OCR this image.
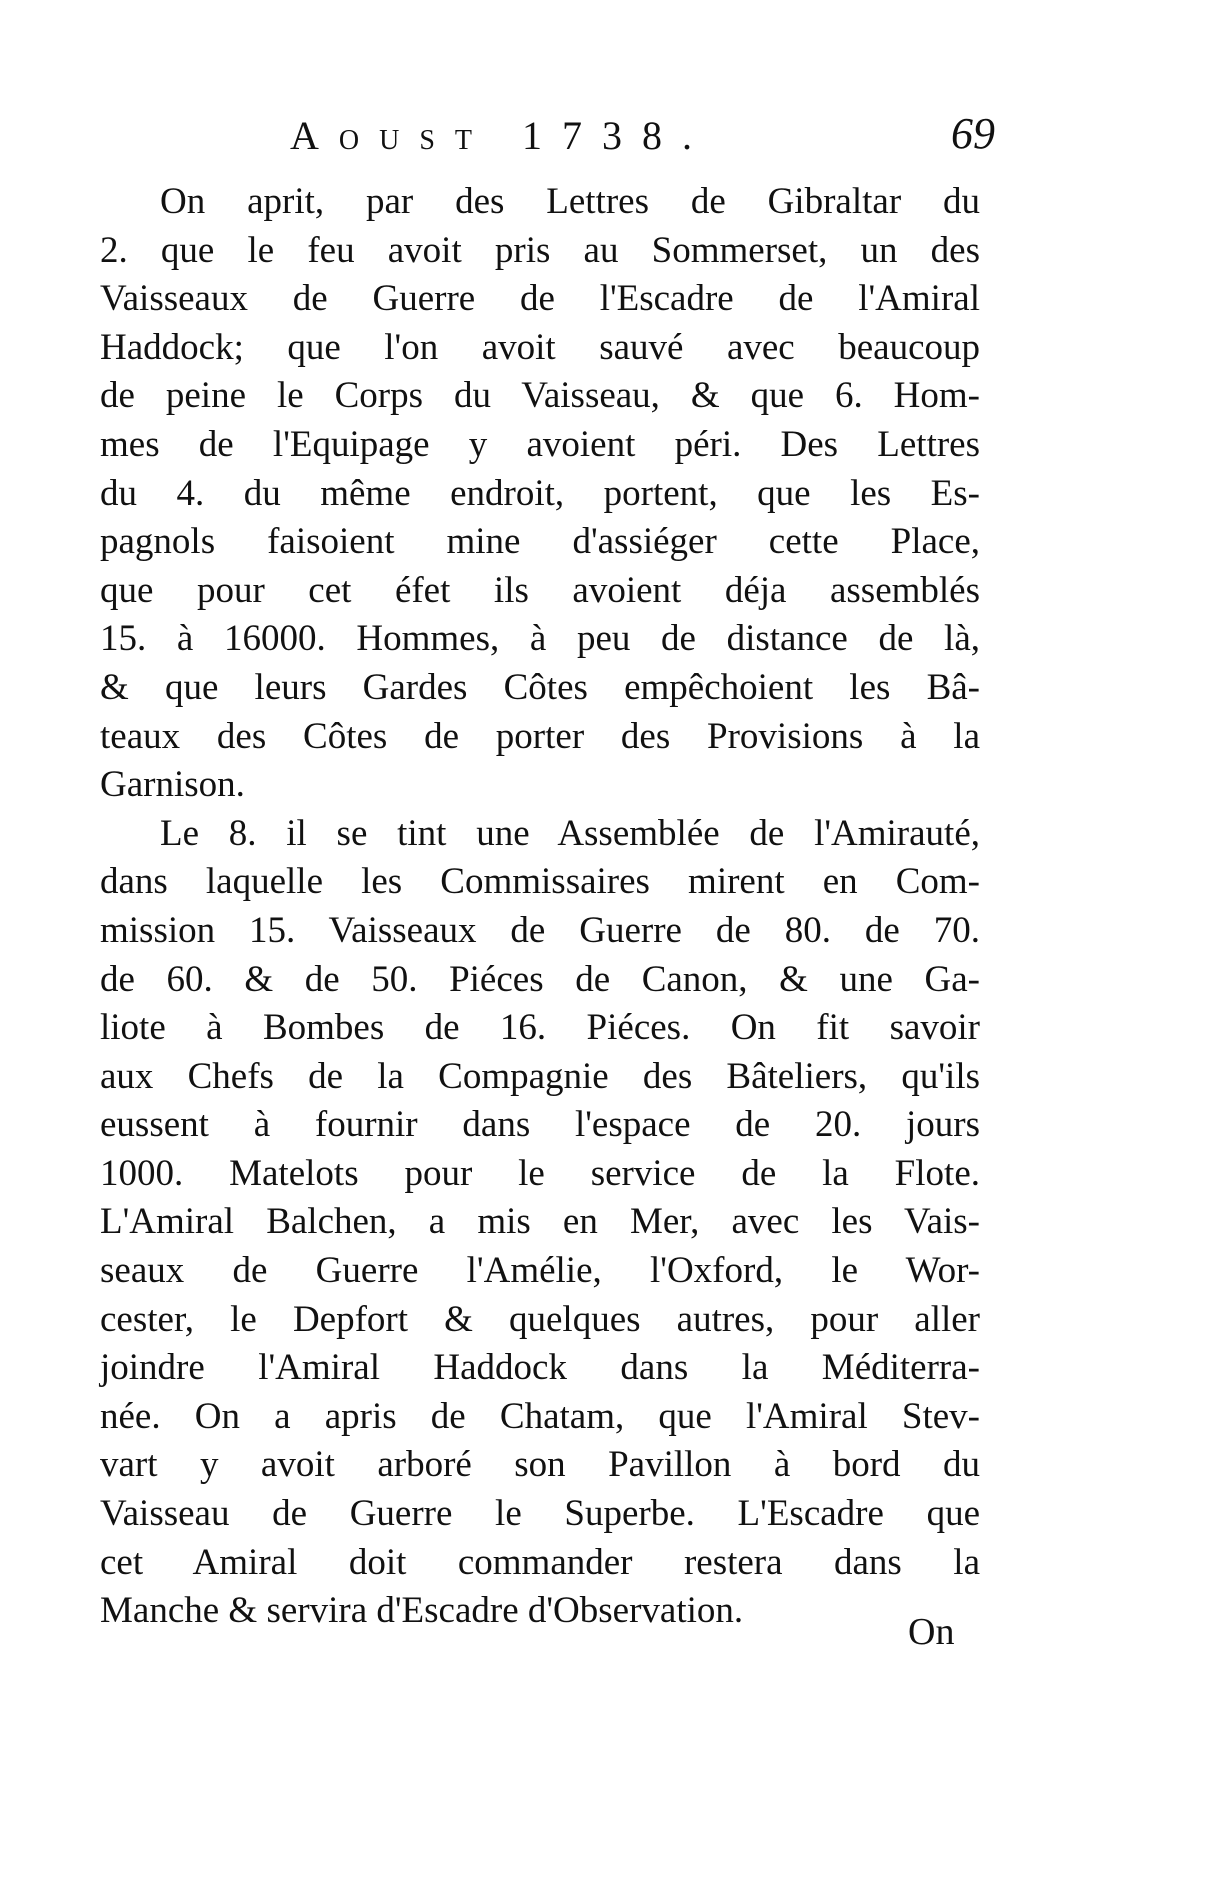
Aoust 1738.	69
On aprit, par des Lettres de Gibraltar du
2. que le feu avoit pris au Sommerset, un des
Vaisseaux de Guerre de l'Escadre de l'Amiral
Haddock; que l'on avoit sauvé avec beaucoup
de peine le Corps du Vaisseau, & que 6. Hom-
mes de l'Equipage y avoient péri. Des Lettres
du 4. du même endroit, portent, que les Es-
pagnols faisoient mine d'assiéger cette Place,
que pour cet éfet ils avoient déja assemblés
15. à 16000. Hommes, à peu de distance de là,
& que leurs Gardes Côtes empêchoient les Bâ-
teaux des Côtes de porter des Provisions à la
Garnison.
Le 8. il se tint une Assemblée de l'Amirauté,
dans laquelle les Commissaires mirent en Com-
mission 15. Vaisseaux de Guerre de 80. de 70.
de 60. & de 50. Piéces de Canon, & une Ga-
liote à Bombes de 16. Piéces. On fit savoir
aux Chefs de la Compagnie des Bâteliers, qu'ils
eussent à fournir dans l'espace de 20. jours
1000. Matelots pour le service de la Flote.
L'Amiral Balchen, a mis en Mer, avec les Vais-
seaux de Guerre l'Amélie, l'Oxford, le Wor-
cester, le Depfort & quelques autres, pour aller
joindre l'Amiral Haddock dans la Méditerra-
née. On a apris de Chatam, que l'Amiral Stev-
vart y avoit arboré son Pavillon à bord du
Vaisseau de Guerre le Superbe. L'Escadre que
cet Amiral doit commander restera dans la
Manche & servira d'Escadre d'Observation.
On
